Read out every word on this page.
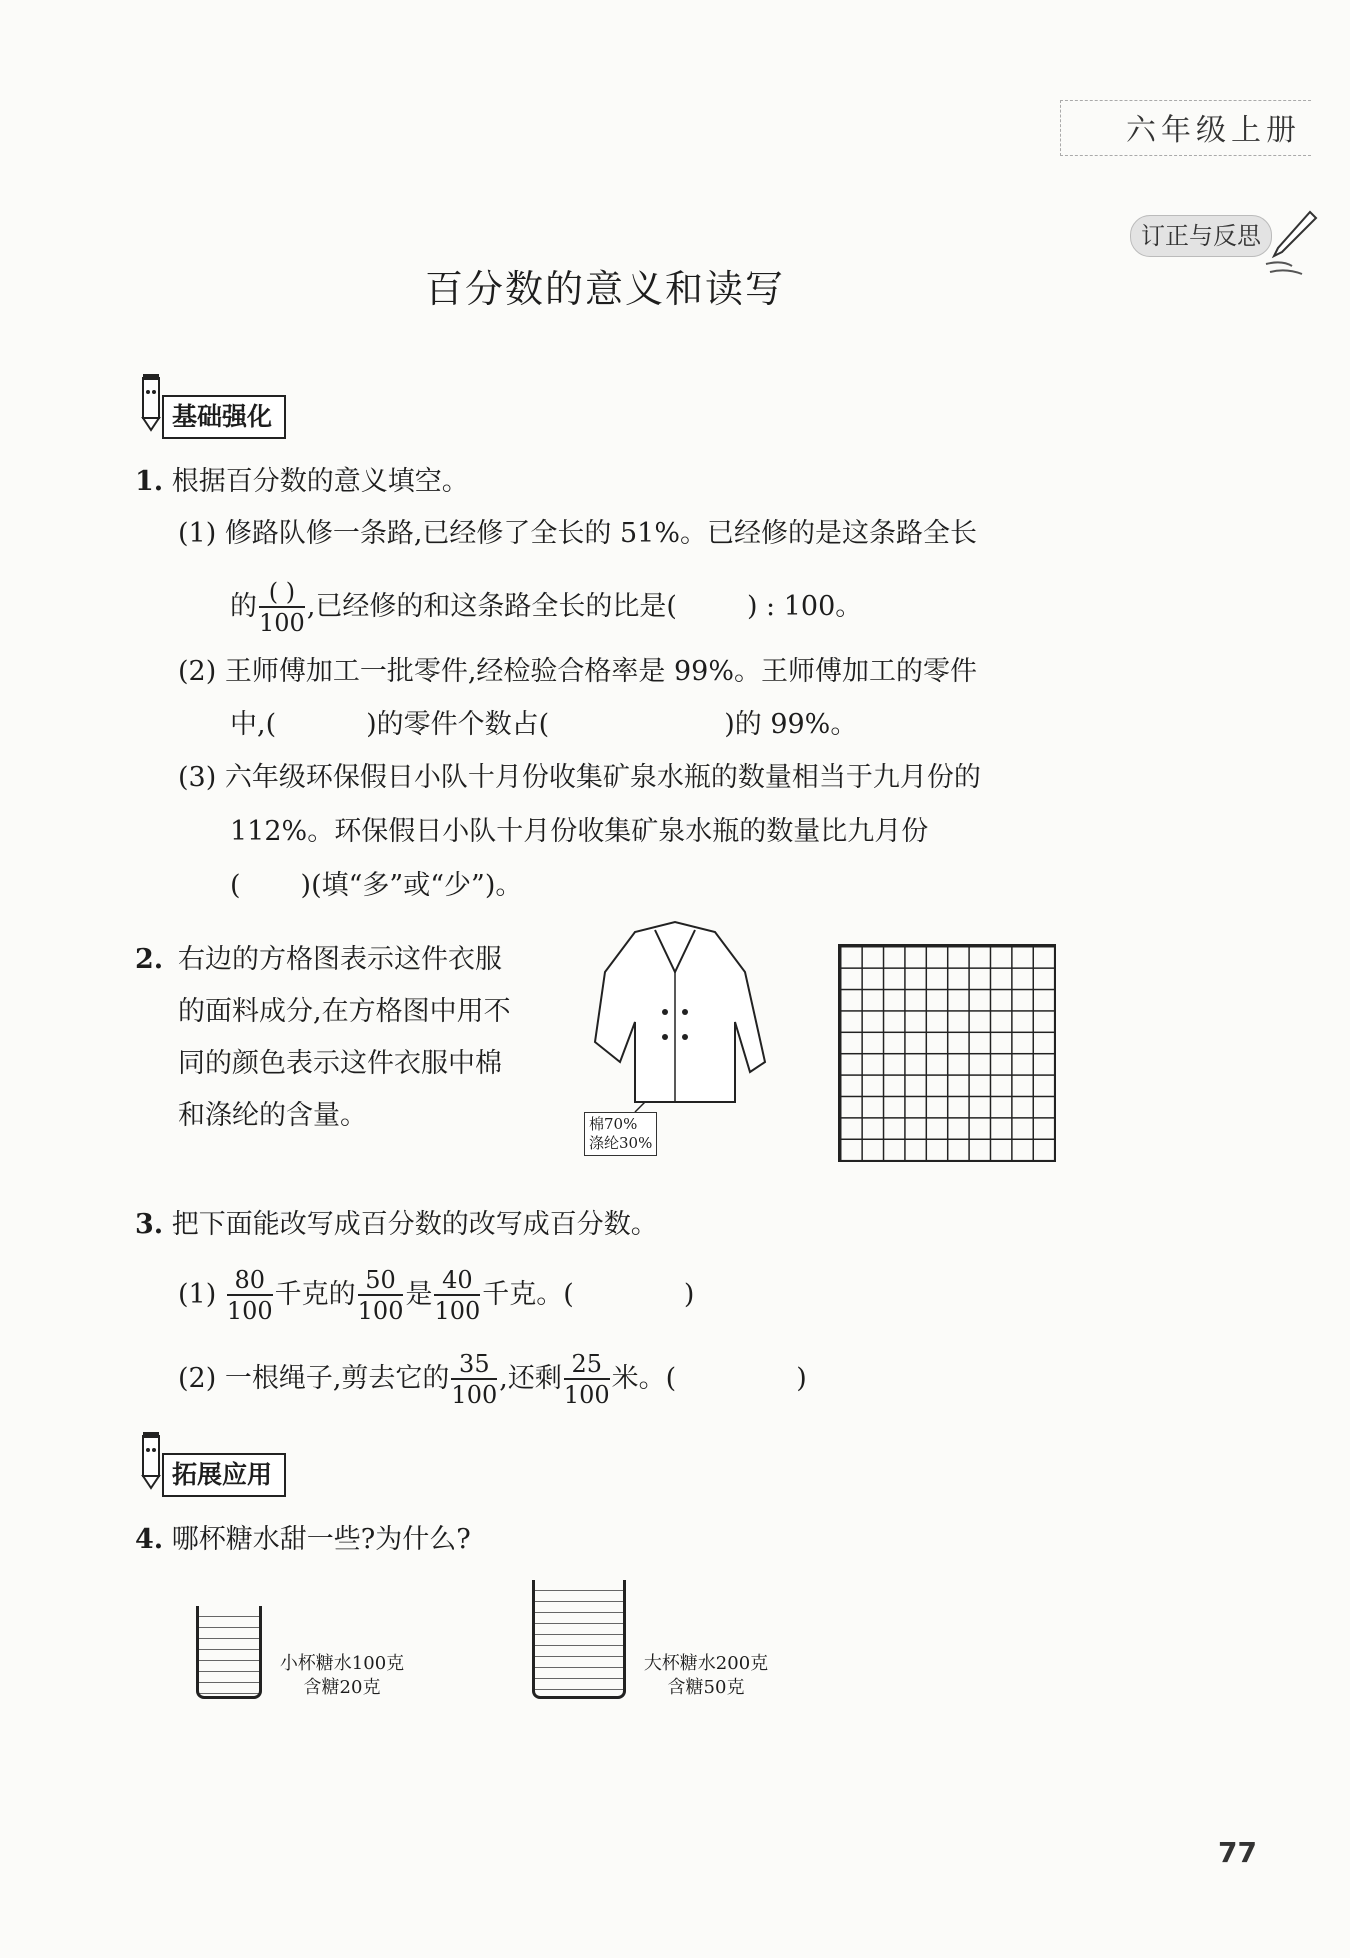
六年级上册
订正与反思
百分数的意义和读写
基础强化
1. 根据百分数的意义填空。
(1) 修路队修一条路,已经修了全长的 51%。已经修的是这条路全长
的 $\frac{( )}{100}$ ,已经修的和这条路全长的比是(	) : 100。
(2) 王师傅加工一批零件,经检验合格率是 99%。王师傅加工的零件
中,(	)的零件个数占(	)的 99%。
(3) 六年级环保假日小队十月份收集矿泉水瓶的数量相当于九月份的
112%。环保假日小队十月份收集矿泉水瓶的数量比九月份
( )(填“多”或“少”)。
2. 右边的方格图表示这件衣服
的面料成分,在方格图中用不
同的颜色表示这件衣服中棉
和涤纶的含量。	棉70%
涤纶30%
3. 把下面能改写成百分数的改写成百分数。
$(1) \frac{80}{100}$ 千克的 $\frac{50}{100}$ 是 $\frac{40}{100}$ 千克。(	)
(2) 一根绳子,剪去它的 $\frac{35}{100}$ ,还剩 $\frac{25}{100}$ 米。(	)
拓展应用
4. 哪杯糖水甜一些?为什么?
小杯糖水100克
含糖20克
大杯糖水200克
含糖50克
77
